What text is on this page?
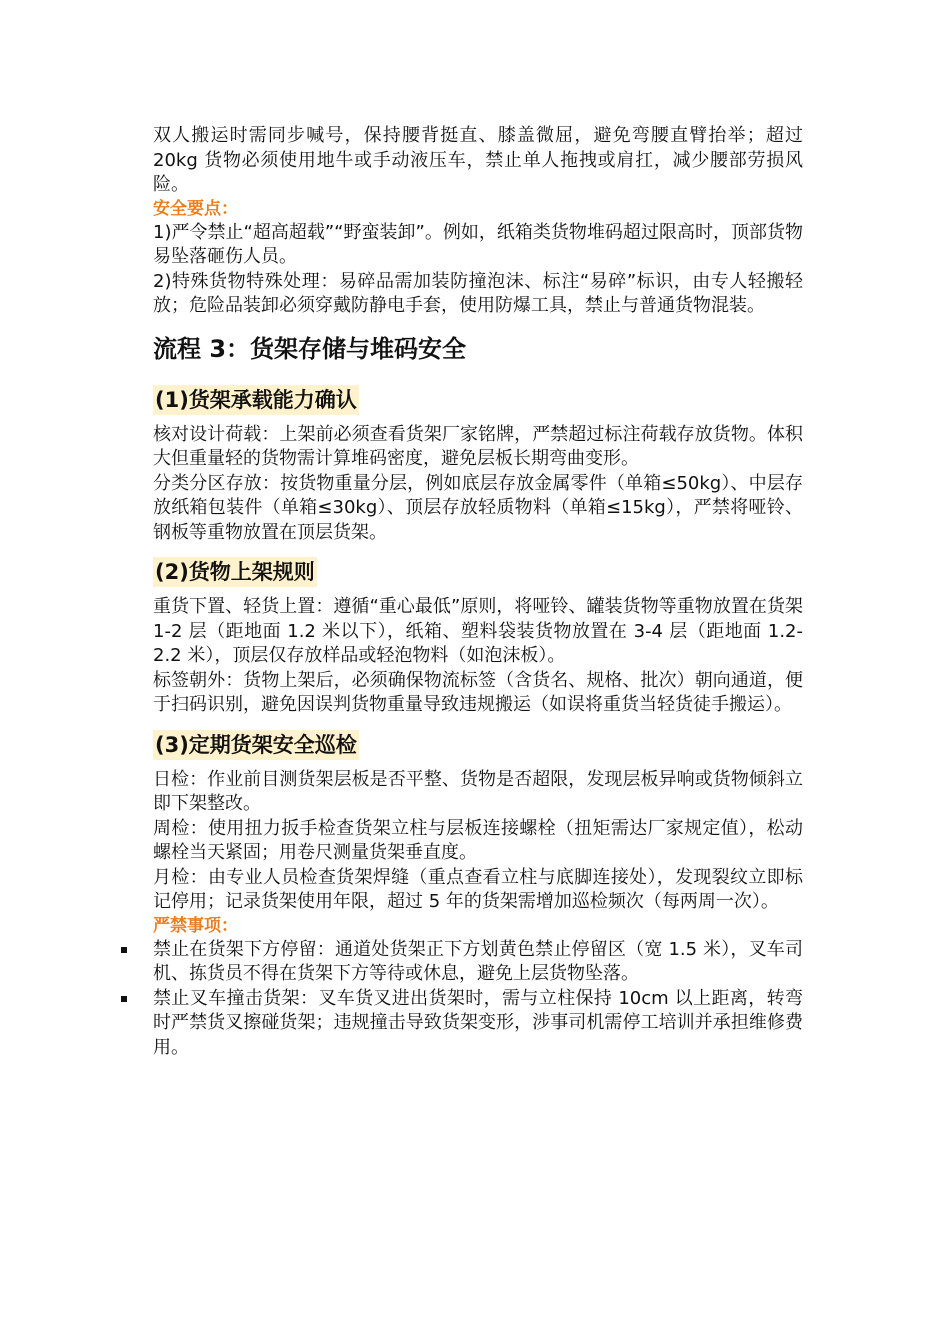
双人搬运时需同步喊号，保持腰背挺直、膝盖微屈，避免弯腰直臂抬举；超过 20kg 货物必须使用地牛或手动液压车，禁止单人拖拽或肩扛，减少腰部劳损风险。

安全要点：

1)严令禁止“超高超载”“野蛮装卸”。例如，纸箱类货物堆码超过限高时，顶部货物易坠落砸伤人员。

2)特殊货物特殊处理：易碎品需加装防撞泡沫、标注“易碎”标识，由专人轻搬轻放；危险品装卸必须穿戴防静电手套，使用防爆工具，禁止与普通货物混装。

流程 3：货架存储与堆码安全
(1)货架承载能力确认

核对设计荷载：上架前必须查看货架厂家铭牌，严禁超过标注荷载存放货物。体积大但重量轻的货物需计算堆码密度，避免层板长期弯曲变形。

分类分区存放：按货物重量分层，例如底层存放金属零件（单箱≤50kg）、中层存放纸箱包装件（单箱≤30kg）、顶层存放轻质物料（单箱≤15kg），严禁将哑铃、钢板等重物放置在顶层货架。

(2)货物上架规则

重货下置、轻货上置：遵循“重心最低”原则，将哑铃、罐装货物等重物放置在货架 1-2 层（距地面 1.2 米以下），纸箱、塑料袋装货物放置在 3-4 层（距地面 1.2-2.2 米），顶层仅存放样品或轻泡物料（如泡沫板）。

标签朝外：货物上架后，必须确保物流标签（含货名、规格、批次）朝向通道，便于扫码识别，避免因误判货物重量导致违规搬运（如误将重货当轻货徒手搬运）。

(3)定期货架安全巡检

日检：作业前目测货架层板是否平整、货物是否超限，发现层板异响或货物倾斜立即下架整改。

周检：使用扭力扳手检查货架立柱与层板连接螺栓（扭矩需达厂家规定值），松动螺栓当天紧固；用卷尺测量货架垂直度。

月检：由专业人员检查货架焊缝（重点查看立柱与底脚连接处），发现裂纹立即标记停用；记录货架使用年限，超过 5 年的货架需增加巡检频次（每两周一次）。

严禁事项：

禁止在货架下方停留：通道处货架正下方划黄色禁止停留区（宽 1.5 米），叉车司机、拣货员不得在货架下方等待或休息，避免上层货物坠落。
禁止叉车撞击货架：叉车货叉进出货架时，需与立柱保持 10cm 以上距离，转弯时严禁货叉擦碰货架；违规撞击导致货架变形，涉事司机需停工培训并承担维修费用。
